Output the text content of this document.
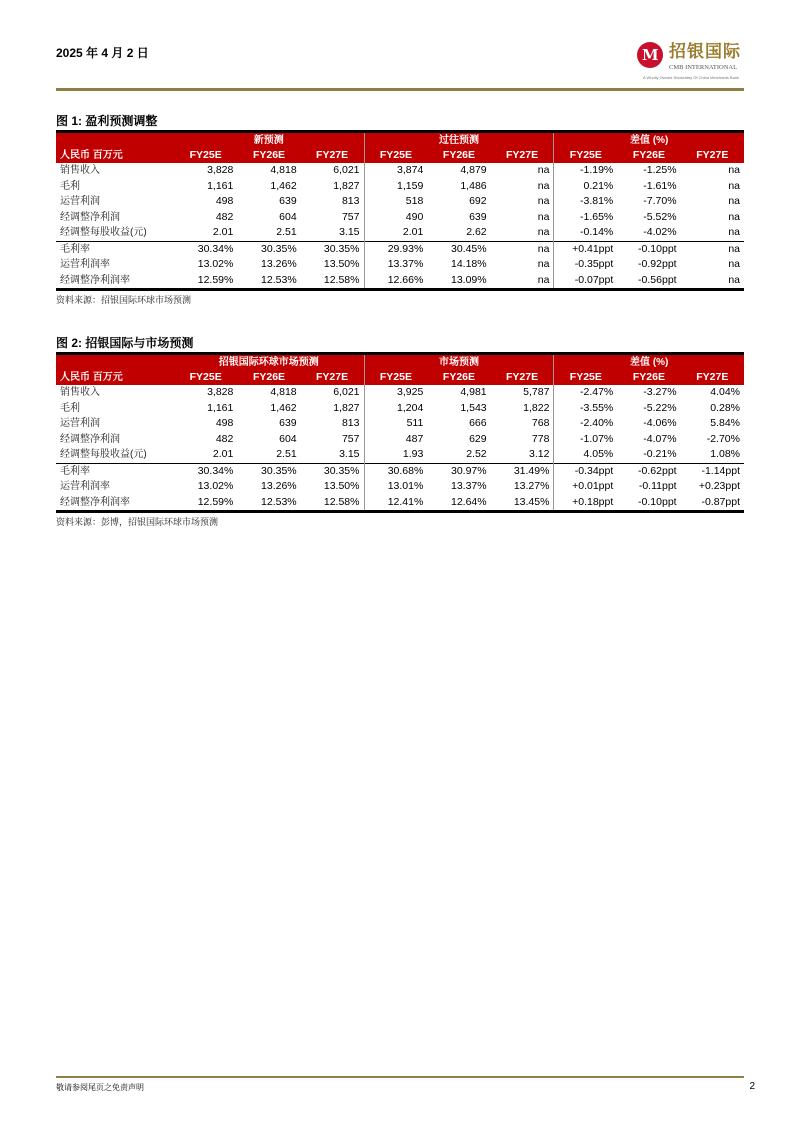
2025 年 4 月 2 日	M 招银国际
CMB INTERNATIONAL
A Wholly Owned Subsidiary Of China Merchants Bank
图 1: 盈利预测调整
	新预测			过往预测			差值 (%)		
人民币 百万元	FY25E	FY26E	FY27E	FY25E	FY26E	FY27E	FY25E	FY26E	FY27E
销售收入	3,828	4,818	6,021	3,874	4,879	na	-1.19%	-1.25%	na
毛利	1,161	1,462	1,827	1,159	1,486	na	0.21%	-1.61%	na
运营利润	498	639	813	518	692	na	-3.81%	-7.70%	na
经调整净利润	482	604	757	490	639	na	-1.65%	-5.52%	na
经调整每股收益(元)	2.01	2.51	3.15	2.01	2.62	na	-0.14%	-4.02%	na
毛利率	30.34%	30.35%	30.35%	29.93%	30.45%	na	+0.41ppt	-0.10ppt	na
运营利润率	13.02%	13.26%	13.50%	13.37%	14.18%	na	-0.35ppt	-0.92ppt	na
经调整净利润率	12.59%	12.53%	12.58%	12.66%	13.09%	na	-0.07ppt	-0.56ppt	na
资料来源：招银国际环球市场预测
图 2: 招银国际与市场预测
	招银国际环球市场预测			市场预测			差值 (%)		
人民币 百万元	FY25E	FY26E	FY27E	FY25E	FY26E	FY27E	FY25E	FY26E	FY27E
销售收入	3,828	4,818	6,021	3,925	4,981	5,787	-2.47%	-3.27%	4.04%
毛利	1,161	1,462	1,827	1,204	1,543	1,822	-3.55%	-5.22%	0.28%
运营利润	498	639	813	511	666	768	-2.40%	-4.06%	5.84%
经调整净利润	482	604	757	487	629	778	-1.07%	-4.07%	-2.70%
经调整每股收益(元)	2.01	2.51	3.15	1.93	2.52	3.12	4.05%	-0.21%	1.08%
毛利率	30.34%	30.35%	30.35%	30.68%	30.97%	31.49%	-0.34ppt	-0.62ppt	-1.14ppt
运营利润率	13.02%	13.26%	13.50%	13.01%	13.37%	13.27%	+0.01ppt	-0.11ppt	+0.23ppt
经调整净利润率	12.59%	12.53%	12.58%	12.41%	12.64%	13.45%	+0.18ppt	-0.10ppt	-0.87ppt
资料来源：彭博，招银国际环球市场预测
敬请参阅尾页之免责声明	2
